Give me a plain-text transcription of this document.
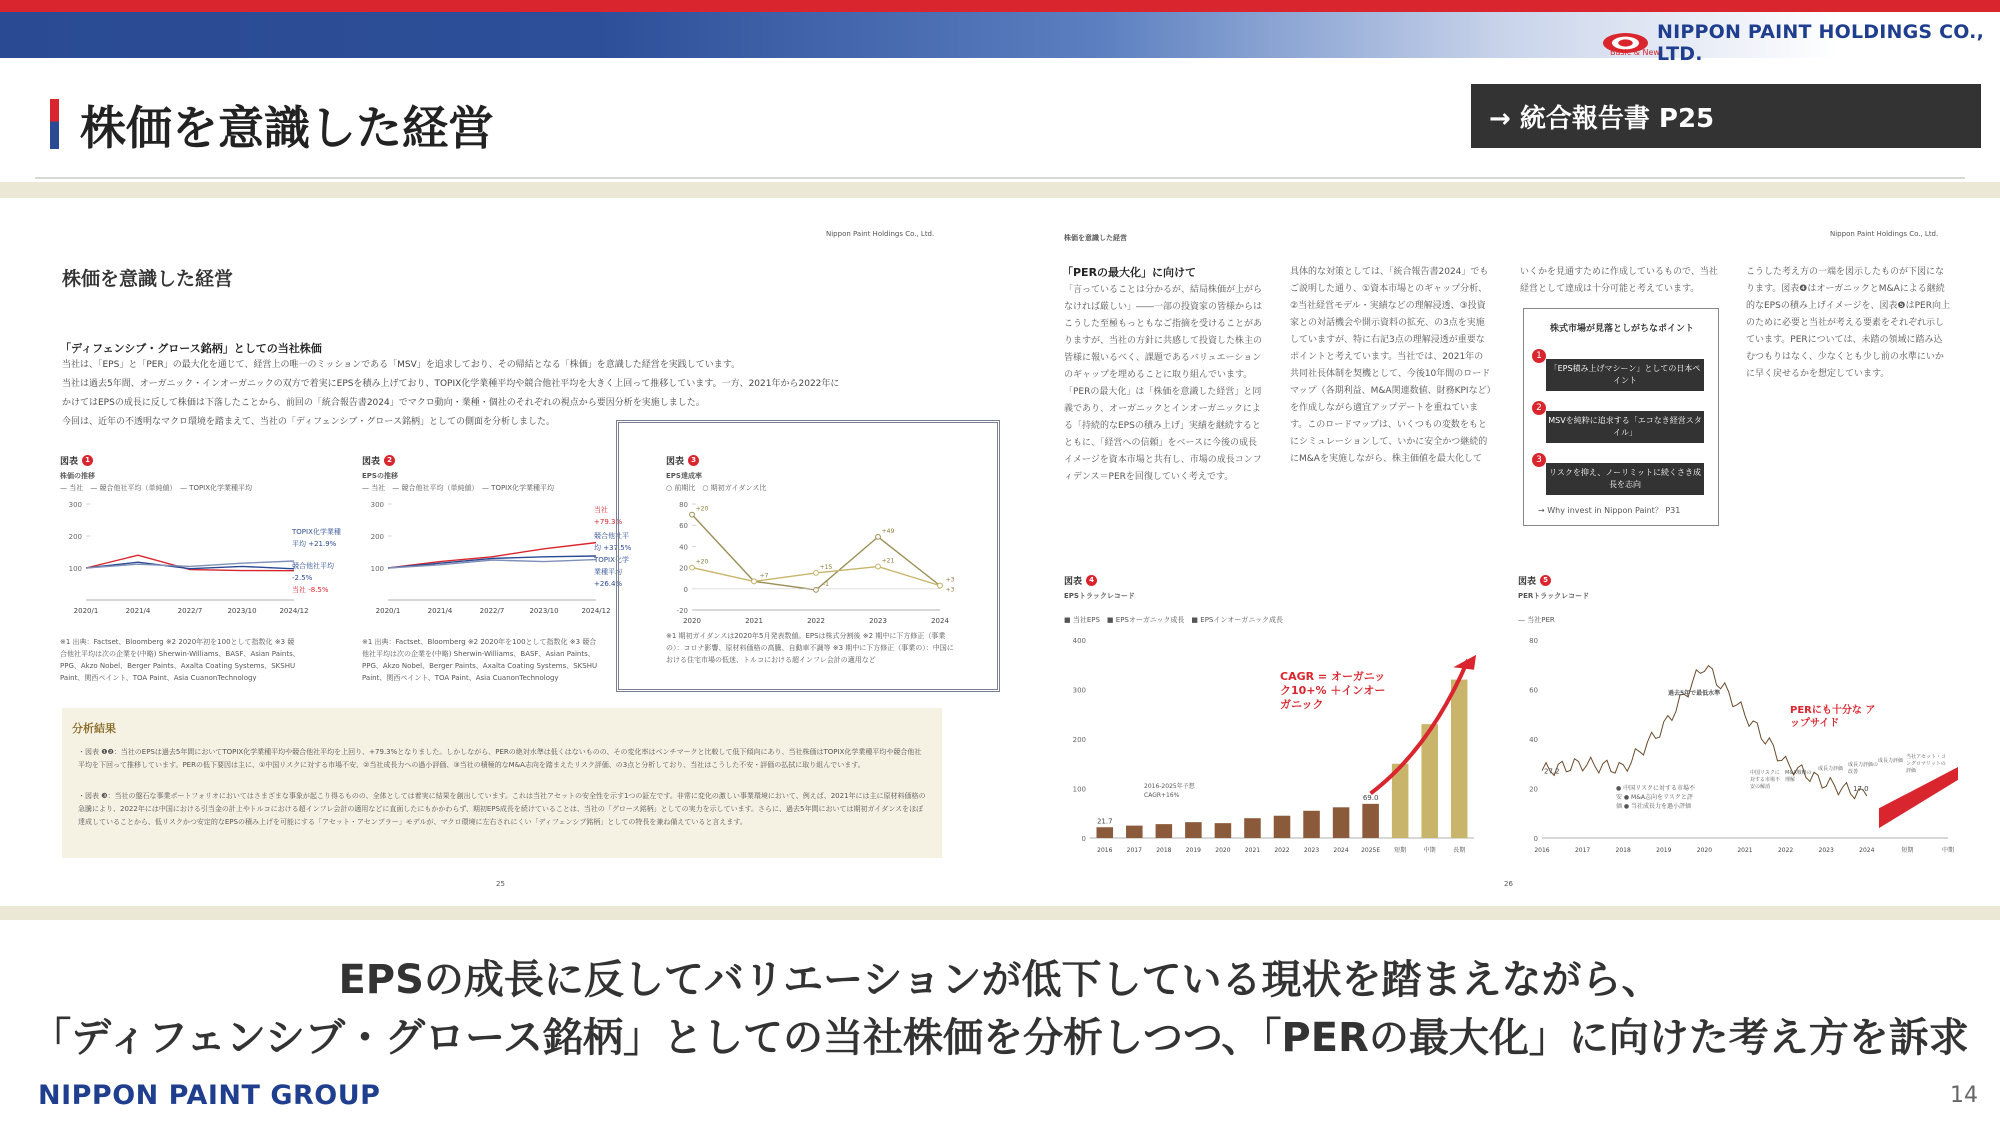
NIPPON PAINT HOLDINGS CO., LTD.
Basic & New
株価を意識した経営	→ 統合報告書 P25
Nippon Paint Holdings Co., Ltd.
株価を意識した経営
「ディフェンシブ・グロース銘柄」としての当社株価
当社は、「EPS」と「PER」の最大化を通じて、経営上の唯一のミッションである「MSV」を追求しており、その帰結となる「株価」を意識した経営を実践しています。
当社は過去5年間、オーガニック・インオーガニックの双方で着実にEPSを積み上げており、TOPIX化学業種平均や競合他社平均を大きく上回って推移しています。一方、2021年から2022年に
かけてはEPSの成長に反して株価は下落したことから、前回の「統合報告書2024」でマクロ動向・業種・個社のそれぞれの視点から要因分析を実施しました。
今回は、近年の不透明なマクロ環境を踏まえて、当社の「ディフェンシブ・グロース銘柄」としての側面を分析しました。
図表	1
株価の推移
— 当社　— 競合他社平均（単純値）　— TOPIX化学業種平均
100
200
300
2020/1	2021/4	2022/7	2023/10	2024/12
TOPIX化学業種平均 +21.9%
競合他社平均 -2.5%
当社 -8.5%
※1 出典：Factset、Bloomberg ※2 2020年初を100として指数化 ※3 競合他社平均は次の企業を(中略) Sherwin-Williams、BASF、Asian Paints、PPG、Akzo Nobel、Berger Paints、Axalta Coating Systems、SKSHU Paint、関西ペイント、TOA Paint、Asia CuanonTechnology
図表	2
EPSの推移
— 当社　— 競合他社平均（単純値）　— TOPIX化学業種平均
100
200
300
2020/1	2021/4	2022/7	2023/10	2024/12
当社 +79.3%
競合他社平均 +37.5%
TOPIX化学業種平均 +26.4%
※1 出典：Factset、Bloomberg ※2 2020年を100として指数化 ※3 競合他社平均は次の企業を(中略) Sherwin-Williams、BASF、Asian Paints、PPG、Akzo Nobel、Berger Paints、Axalta Coating Systems、SKSHU Paint、関西ペイント、TOA Paint、Asia CuanonTechnology
図表	3
EPS達成率
○ 前期比　○ 期初ガイダンス比
-20
0
20
40
60
80
2020	2021	2022	2023	2024
+20
+20
+7
+15
-1
+49
+21
+3
+3
※1 期初ガイダンスは2020年5月発表数値。EPSは株式分割後 ※2 期中に下方修正（事業の）：コロナ影響、原材料価格の高騰、自動車不調等 ※3 期中に下方修正（事業の）：中国における住宅市場の低迷、トルコにおける超インフレ会計の適用など
分析結果
・図表 ❶❷：当社のEPSは過去5年間においてTOPIX化学業種平均や競合他社平均を上回り、+79.3%となりました。しかしながら、PERの絶対水準は低くはないものの、その変化率はベンチマークと比較して低下傾向にあり、当社株価はTOPIX化学業種平均や競合他社平均を下回って推移しています。PERの低下要因は主に、①中国リスクに対する市場不安、②当社成長力への過小評価、③当社の積極的なM&A志向を踏まえたリスク評価、の3点と分析しており、当社はこうした不安・評価の払拭に取り組んでいます。
・図表 ❸：当社の盤石な事業ポートフォリオにおいてはさまざまな事象が起こり得るものの、全体としては着実に結果を創出しています。これは当社アセットの安全性を示す1つの証左です。非常に変化の激しい事業環境において、例えば、2021年には主に原材料価格の急騰により、2022年には中国における引当金の計上やトルコにおける超インフレ会計の適用などに直面したにもかかわらず、期初EPS成長を続けていることは、当社の「グロース銘柄」としての実力を示しています。さらに、過去5年間においては期初ガイダンスをほぼ達成していることから、低リスクかつ安定的なEPSの積み上げを可能にする「アセット・アセンブラー」モデルが、マクロ環境に左右されにくい「ディフェンシブ銘柄」としての特長を兼ね備えていると言えます。
25
株価を意識した経営	Nippon Paint Holdings Co., Ltd.
「PERの最大化」に向けて
「言っていることは分かるが、結局株価が上がらなければ厳しい」――一部の投資家の皆様からはこうした至極もっともなご指摘を受けることがありますが、当社の方針に共感して投資した株主の皆様に報いるべく、課題であるバリュエーションのギャップを埋めることに取り組んでいます。「PERの最大化」は「株価を意識した経営」と同義であり、オーガニックとインオーガニックによる「持続的なEPSの積み上げ」実績を継続するとともに、「経営への信頼」をベースに今後の成長イメージを資本市場と共有し、市場の成長コンフィデンス＝PERを回復していく考えです。
具体的な対策としては、「統合報告書2024」でもご説明した通り、①資本市場とのギャップ分析、②当社経営モデル・実績などの理解浸透、③投資家との対話機会や開示資料の拡充、の3点を実施していますが、特に右記3点の理解浸透が重要なポイントと考えています。当社では、2021年の共同社長体制を契機として、今後10年間のロードマップ（各期利益、M&A関連数値、財務KPIなど）を作成しながら適宜アップデートを重ねています。このロードマップは、いくつもの変数をもとにシミュレーションして、いかに安全かつ継続的にM&Aを実施しながら、株主価値を最大化して
いくかを見通すために作成しているもので、当社経営として達成は十分可能と考えています。
こうした考え方の一端を図示したものが下図になります。図表❹はオーガニックとM&Aによる継続的なEPSの積み上げイメージを、図表❺はPER向上のために必要と当社が考える要素をそれぞれ示しています。PERについては、未踏の領域に踏み込むつもりはなく、少なくとも少し前の水準にいかに早く戻せるかを想定しています。
株式市場が見落としがちなポイント
1
「EPS積み上げマシーン」としての日本ペイント
2
MSVを純粋に追求する「エコなき経営スタイル」
3
リスクを抑え、ノーリミットに続くさき成長を志向
→ Why invest in Nippon Paint？ P31
図表	4
EPSトラックレコード
■ 当社EPS　■ EPSオーガニック成長　■ EPSインオーガニック成長
400
300
200
100
0
2016 2017 2018 2019 2020 2021 2022 2023 2024 2025E 短期	中期	長期
21.7
69.0
CAGR = オーガニック10+% ＋インオーガニック
2016-2025年予想 CAGR+16%
図表	5
PERトラックレコード
— 当社PER
80
60
40
20
0
2016	2017	2018	2019	2020	2021	2022	2023	2024	短期	中期
27.2
17.0
過去5年で最低水準
PERにも十分な アップサイド
● 中国リスクに対する市場不安 ● M&A志向をリスクと評価 ● 当社成長力を過小評価
中国リスクに対する市場不安の解消
M&A戦略の理解
成長力評価
成長力評価の改善
成長力評価
当社アセット・コングロマリットの評価
26
EPSの成長に反してバリエーションが低下している現状を踏まえながら、
「ディフェンシブ・グロース銘柄」としての当社株価を分析しつつ、「PERの最大化」に向けた考え方を訴求
NIPPON PAINT GROUP	14
